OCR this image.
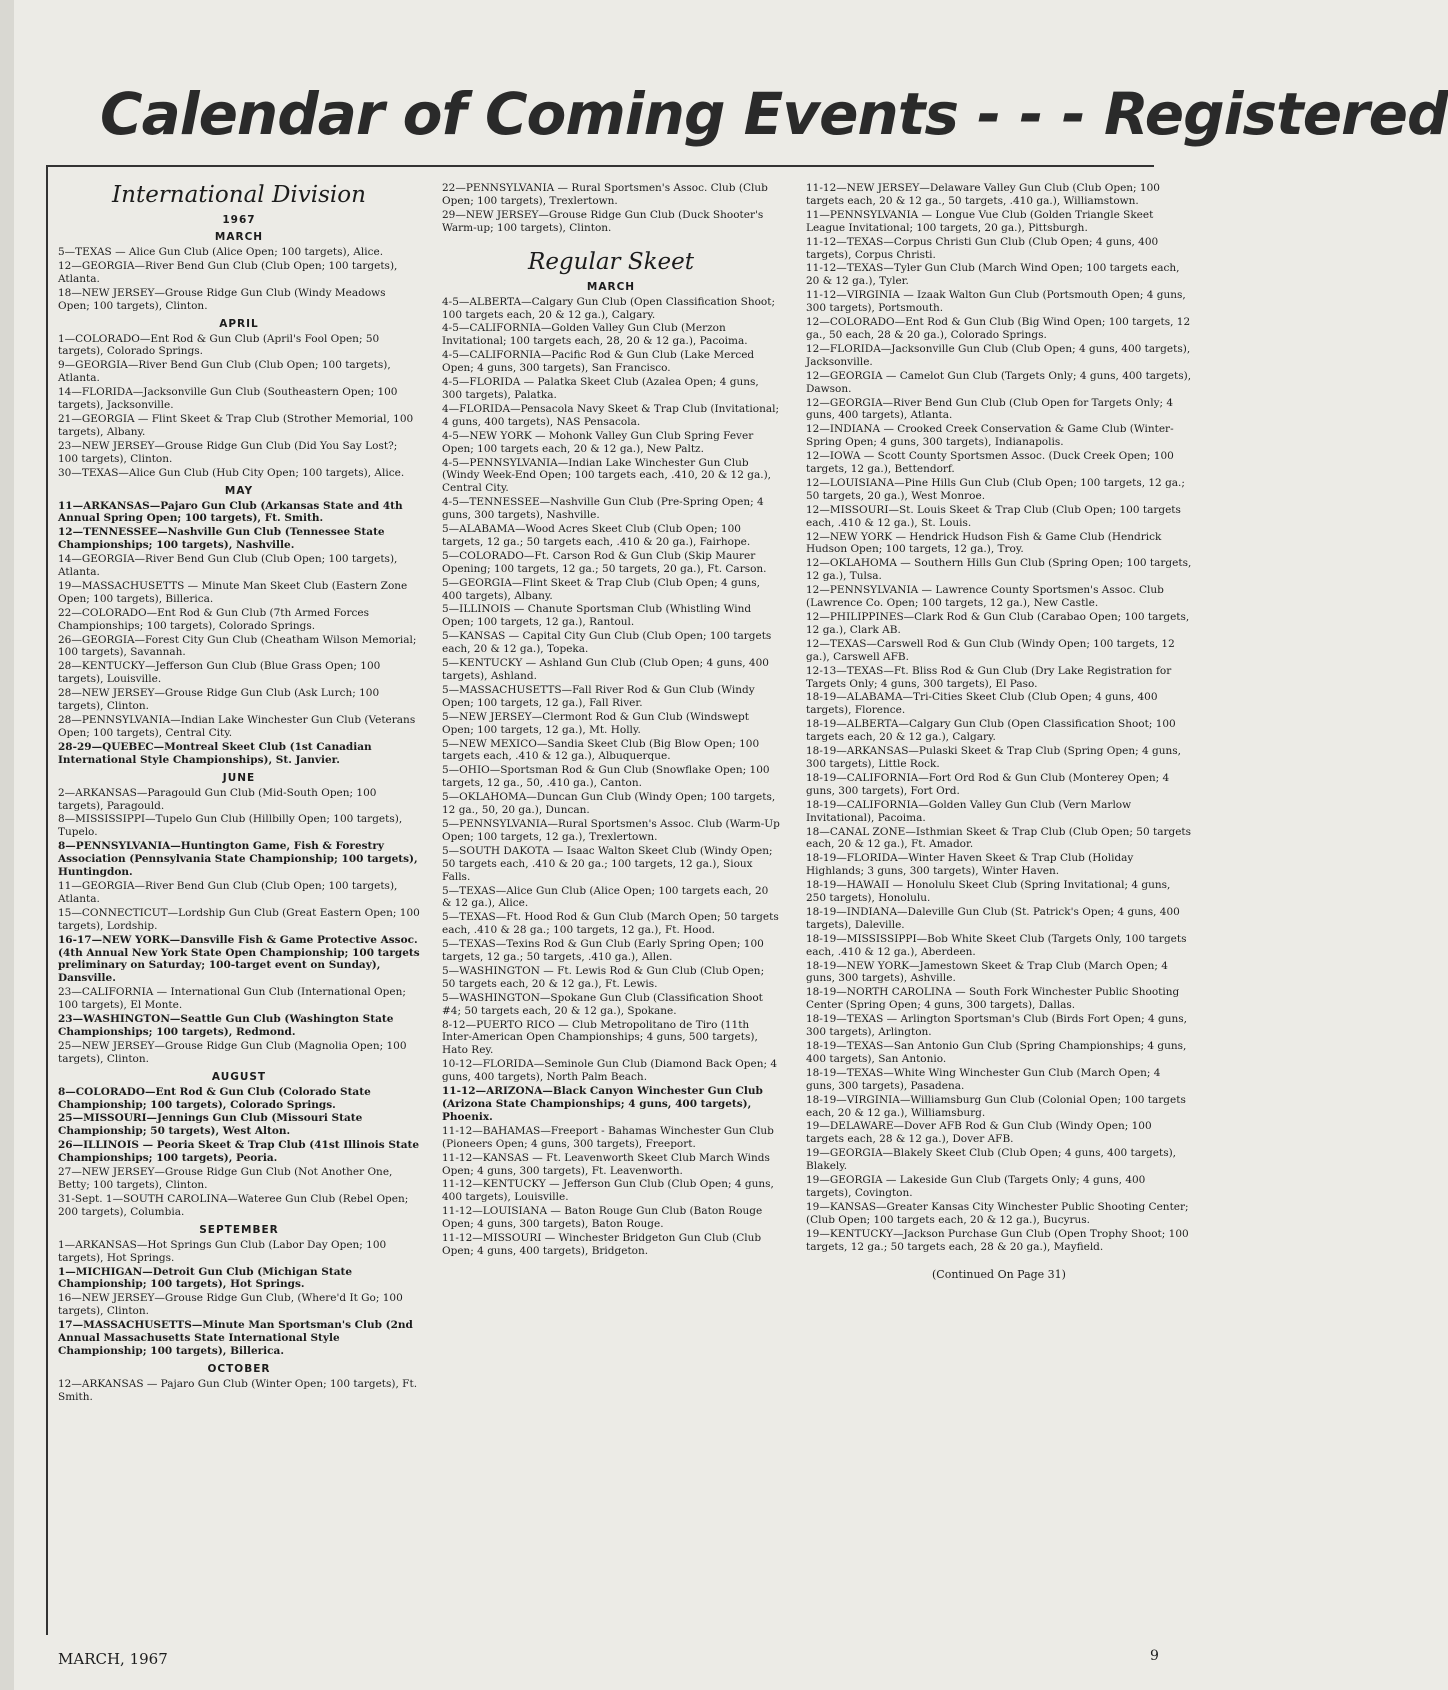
Calendar of Coming Events - - - Registered
International Division
1967
MARCH
5—TEXAS — Alice Gun Club (Alice Open; 100 targets), Alice.
12—GEORGIA—River Bend Gun Club (Club Open; 100 targets), Atlanta.
18—NEW JERSEY—Grouse Ridge Gun Club (Windy Meadows Open; 100 targets), Clinton.
APRIL
1—COLORADO—Ent Rod & Gun Club (April's Fool Open; 50 targets), Colorado Springs.
9—GEORGIA—River Bend Gun Club (Club Open; 100 targets), Atlanta.
14—FLORIDA—Jacksonville Gun Club (Southeastern Open; 100 targets), Jacksonville.
21—GEORGIA — Flint Skeet & Trap Club (Strother Memorial, 100 targets), Albany.
23—NEW JERSEY—Grouse Ridge Gun Club (Did You Say Lost?; 100 targets), Clinton.
30—TEXAS—Alice Gun Club (Hub City Open; 100 targets), Alice.
MAY
11—ARKANSAS—Pajaro Gun Club (Arkansas State and 4th Annual Spring Open; 100 targets), Ft. Smith.
12—TENNESSEE—Nashville Gun Club (Tennessee State Championships; 100 targets), Nashville.
14—GEORGIA—River Bend Gun Club (Club Open; 100 targets), Atlanta.
19—MASSACHUSETTS — Minute Man Skeet Club (Eastern Zone Open; 100 targets), Billerica.
22—COLORADO—Ent Rod & Gun Club (7th Armed Forces Championships; 100 targets), Colorado Springs.
26—GEORGIA—Forest City Gun Club (Cheatham Wilson Memorial; 100 targets), Savannah.
28—KENTUCKY—Jefferson Gun Club (Blue Grass Open; 100 targets), Louisville.
28—NEW JERSEY—Grouse Ridge Gun Club (Ask Lurch; 100 targets), Clinton.
28—PENNSYLVANIA—Indian Lake Winchester Gun Club (Veterans Open; 100 targets), Central City.
28-29—QUEBEC—Montreal Skeet Club (1st Canadian International Style Championships), St. Janvier.
JUNE
2—ARKANSAS—Paragould Gun Club (Mid-South Open; 100 targets), Paragould.
8—MISSISSIPPI—Tupelo Gun Club (Hillbilly Open; 100 targets), Tupelo.
8—PENNSYLVANIA—Huntington Game, Fish & Forestry Association (Pennsylvania State Championship; 100 targets), Huntingdon.
11—GEORGIA—River Bend Gun Club (Club Open; 100 targets), Atlanta.
15—CONNECTICUT—Lordship Gun Club (Great Eastern Open; 100 targets), Lordship.
16-17—NEW YORK—Dansville Fish & Game Protective Assoc. (4th Annual New York State Open Championship; 100 targets preliminary on Saturday; 100-target event on Sunday), Dansville.
23—CALIFORNIA — International Gun Club (International Open; 100 targets), El Monte.
23—WASHINGTON—Seattle Gun Club (Washington State Championships; 100 targets), Redmond.
25—NEW JERSEY—Grouse Ridge Gun Club (Magnolia Open; 100 targets), Clinton.
AUGUST
8—COLORADO—Ent Rod & Gun Club (Colorado State Championship; 100 targets), Colorado Springs.
25—MISSOURI—Jennings Gun Club (Missouri State Championship; 50 targets), West Alton.
26—ILLINOIS — Peoria Skeet & Trap Club (41st Illinois State Championships; 100 targets), Peoria.
27—NEW JERSEY—Grouse Ridge Gun Club (Not Another One, Betty; 100 targets), Clinton.
31-Sept. 1—SOUTH CAROLINA—Wateree Gun Club (Rebel Open; 200 targets), Columbia.
SEPTEMBER
1—ARKANSAS—Hot Springs Gun Club (Labor Day Open; 100 targets), Hot Springs.
1—MICHIGAN—Detroit Gun Club (Michigan State Championship; 100 targets), Hot Springs.
16—NEW JERSEY—Grouse Ridge Gun Club, (Where'd It Go; 100 targets), Clinton.
17—MASSACHUSETTS—Minute Man Sportsman's Club (2nd Annual Massachusetts State International Style Championship; 100 targets), Billerica.
OCTOBER
12—ARKANSAS — Pajaro Gun Club (Winter Open; 100 targets), Ft. Smith.
22—PENNSYLVANIA — Rural Sportsmen's Assoc. Club (Club Open; 100 targets), Trexlertown.
29—NEW JERSEY—Grouse Ridge Gun Club (Duck Shooter's Warm-up; 100 targets), Clinton.
Regular Skeet
MARCH
4-5—ALBERTA—Calgary Gun Club (Open Classification Shoot; 100 targets each, 20 & 12 ga.), Calgary.
4-5—CALIFORNIA—Golden Valley Gun Club (Merzon Invitational; 100 targets each, 28, 20 & 12 ga.), Pacoima.
4-5—CALIFORNIA—Pacific Rod & Gun Club (Lake Merced Open; 4 guns, 300 targets), San Francisco.
4-5—FLORIDA — Palatka Skeet Club (Azalea Open; 4 guns, 300 targets), Palatka.
4—FLORIDA—Pensacola Navy Skeet & Trap Club (Invitational; 4 guns, 400 targets), NAS Pensacola.
4-5—NEW YORK — Mohonk Valley Gun Club Spring Fever Open; 100 targets each, 20 & 12 ga.), New Paltz.
4-5—PENNSYLVANIA—Indian Lake Winchester Gun Club (Windy Week-End Open; 100 targets each, .410, 20 & 12 ga.), Central City.
4-5—TENNESSEE—Nashville Gun Club (Pre-Spring Open; 4 guns, 300 targets), Nashville.
5—ALABAMA—Wood Acres Skeet Club (Club Open; 100 targets, 12 ga.; 50 targets each, .410 & 20 ga.), Fairhope.
5—COLORADO—Ft. Carson Rod & Gun Club (Skip Maurer Opening; 100 targets, 12 ga.; 50 targets, 20 ga.), Ft. Carson.
5—GEORGIA—Flint Skeet & Trap Club (Club Open; 4 guns, 400 targets), Albany.
5—ILLINOIS — Chanute Sportsman Club (Whistling Wind Open; 100 targets, 12 ga.), Rantoul.
5—KANSAS — Capital City Gun Club (Club Open; 100 targets each, 20 & 12 ga.), Topeka.
5—KENTUCKY — Ashland Gun Club (Club Open; 4 guns, 400 targets), Ashland.
5—MASSACHUSETTS—Fall River Rod & Gun Club (Windy Open; 100 targets, 12 ga.), Fall River.
5—NEW JERSEY—Clermont Rod & Gun Club (Windswept Open; 100 targets, 12 ga.), Mt. Holly.
5—NEW MEXICO—Sandia Skeet Club (Big Blow Open; 100 targets each, .410 & 12 ga.), Albuquerque.
5—OHIO—Sportsman Rod & Gun Club (Snowflake Open; 100 targets, 12 ga., 50, .410 ga.), Canton.
5—OKLAHOMA—Duncan Gun Club (Windy Open; 100 targets, 12 ga., 50, 20 ga.), Duncan.
5—PENNSYLVANIA—Rural Sportsmen's Assoc. Club (Warm-Up Open; 100 targets, 12 ga.), Trexlertown.
5—SOUTH DAKOTA — Isaac Walton Skeet Club (Windy Open; 50 targets each, .410 & 20 ga.; 100 targets, 12 ga.), Sioux Falls.
5—TEXAS—Alice Gun Club (Alice Open; 100 targets each, 20 & 12 ga.), Alice.
5—TEXAS—Ft. Hood Rod & Gun Club (March Open; 50 targets each, .410 & 28 ga.; 100 targets, 12 ga.), Ft. Hood.
5—TEXAS—Texins Rod & Gun Club (Early Spring Open; 100 targets, 12 ga.; 50 targets, .410 ga.), Allen.
5—WASHINGTON — Ft. Lewis Rod & Gun Club (Club Open; 50 targets each, 20 & 12 ga.), Ft. Lewis.
5—WASHINGTON—Spokane Gun Club (Classification Shoot #4; 50 targets each, 20 & 12 ga.), Spokane.
8-12—PUERTO RICO — Club Metropolitano de Tiro (11th Inter-American Open Championships; 4 guns, 500 targets), Hato Rey.
10-12—FLORIDA—Seminole Gun Club (Diamond Back Open; 4 guns, 400 targets), North Palm Beach.
11-12—ARIZONA—Black Canyon Winchester Gun Club (Arizona State Championships; 4 guns, 400 targets), Phoenix.
11-12—BAHAMAS—Freeport - Bahamas Winchester Gun Club (Pioneers Open; 4 guns, 300 targets), Freeport.
11-12—KANSAS — Ft. Leavenworth Skeet Club March Winds Open; 4 guns, 300 targets), Ft. Leavenworth.
11-12—KENTUCKY — Jefferson Gun Club (Club Open; 4 guns, 400 targets), Louisville.
11-12—LOUISIANA — Baton Rouge Gun Club (Baton Rouge Open; 4 guns, 300 targets), Baton Rouge.
11-12—MISSOURI — Winchester Bridgeton Gun Club (Club Open; 4 guns, 400 targets), Bridgeton.
11-12—NEW JERSEY—Delaware Valley Gun Club (Club Open; 100 targets each, 20 & 12 ga., 50 targets, .410 ga.), Williamstown.
11—PENNSYLVANIA — Longue Vue Club (Golden Triangle Skeet League Invitational; 100 targets, 20 ga.), Pittsburgh.
11-12—TEXAS—Corpus Christi Gun Club (Club Open; 4 guns, 400 targets), Corpus Christi.
11-12—TEXAS—Tyler Gun Club (March Wind Open; 100 targets each, 20 & 12 ga.), Tyler.
11-12—VIRGINIA — Izaak Walton Gun Club (Portsmouth Open; 4 guns, 300 targets), Portsmouth.
12—COLORADO—Ent Rod & Gun Club (Big Wind Open; 100 targets, 12 ga., 50 each, 28 & 20 ga.), Colorado Springs.
12—FLORIDA—Jacksonville Gun Club (Club Open; 4 guns, 400 targets), Jacksonville.
12—GEORGIA — Camelot Gun Club (Targets Only; 4 guns, 400 targets), Dawson.
12—GEORGIA—River Bend Gun Club (Club Open for Targets Only; 4 guns, 400 targets), Atlanta.
12—INDIANA — Crooked Creek Conservation & Game Club (Winter-Spring Open; 4 guns, 300 targets), Indianapolis.
12—IOWA — Scott County Sportsmen Assoc. (Duck Creek Open; 100 targets, 12 ga.), Bettendorf.
12—LOUISIANA—Pine Hills Gun Club (Club Open; 100 targets, 12 ga.; 50 targets, 20 ga.), West Monroe.
12—MISSOURI—St. Louis Skeet & Trap Club (Club Open; 100 targets each, .410 & 12 ga.), St. Louis.
12—NEW YORK — Hendrick Hudson Fish & Game Club (Hendrick Hudson Open; 100 targets, 12 ga.), Troy.
12—OKLAHOMA — Southern Hills Gun Club (Spring Open; 100 targets, 12 ga.), Tulsa.
12—PENNSYLVANIA — Lawrence County Sportsmen's Assoc. Club (Lawrence Co. Open; 100 targets, 12 ga.), New Castle.
12—PHILIPPINES—Clark Rod & Gun Club (Carabao Open; 100 targets, 12 ga.), Clark AB.
12—TEXAS—Carswell Rod & Gun Club (Windy Open; 100 targets, 12 ga.), Carswell AFB.
12-13—TEXAS—Ft. Bliss Rod & Gun Club (Dry Lake Registration for Targets Only; 4 guns, 300 targets), El Paso.
18-19—ALABAMA—Tri-Cities Skeet Club (Club Open; 4 guns, 400 targets), Florence.
18-19—ALBERTA—Calgary Gun Club (Open Classification Shoot; 100 targets each, 20 & 12 ga.), Calgary.
18-19—ARKANSAS—Pulaski Skeet & Trap Club (Spring Open; 4 guns, 300 targets), Little Rock.
18-19—CALIFORNIA—Fort Ord Rod & Gun Club (Monterey Open; 4 guns, 300 targets), Fort Ord.
18-19—CALIFORNIA—Golden Valley Gun Club (Vern Marlow Invitational), Pacoima.
18—CANAL ZONE—Isthmian Skeet & Trap Club (Club Open; 50 targets each, 20 & 12 ga.), Ft. Amador.
18-19—FLORIDA—Winter Haven Skeet & Trap Club (Holiday Highlands; 3 guns, 300 targets), Winter Haven.
18-19—HAWAII — Honolulu Skeet Club (Spring Invitational; 4 guns, 250 targets), Honolulu.
18-19—INDIANA—Daleville Gun Club (St. Patrick's Open; 4 guns, 400 targets), Daleville.
18-19—MISSISSIPPI—Bob White Skeet Club (Targets Only, 100 targets each, .410 & 12 ga.), Aberdeen.
18-19—NEW YORK—Jamestown Skeet & Trap Club (March Open; 4 guns, 300 targets), Ashville.
18-19—NORTH CAROLINA — South Fork Winchester Public Shooting Center (Spring Open; 4 guns, 300 targets), Dallas.
18-19—TEXAS — Arlington Sportsman's Club (Birds Fort Open; 4 guns, 300 targets), Arlington.
18-19—TEXAS—San Antonio Gun Club (Spring Championships; 4 guns, 400 targets), San Antonio.
18-19—TEXAS—White Wing Winchester Gun Club (March Open; 4 guns, 300 targets), Pasadena.
18-19—VIRGINIA—Williamsburg Gun Club (Colonial Open; 100 targets each, 20 & 12 ga.), Williamsburg.
19—DELAWARE—Dover AFB Rod & Gun Club (Windy Open; 100 targets each, 28 & 12 ga.), Dover AFB.
19—GEORGIA—Blakely Skeet Club (Club Open; 4 guns, 400 targets), Blakely.
19—GEORGIA — Lakeside Gun Club (Targets Only; 4 guns, 400 targets), Covington.
19—KANSAS—Greater Kansas City Winchester Public Shooting Center; (Club Open; 100 targets each, 20 & 12 ga.), Bucyrus.
19—KENTUCKY—Jackson Purchase Gun Club (Open Trophy Shoot; 100 targets, 12 ga.; 50 targets each, 28 & 20 ga.), Mayfield.
(Continued On Page 31)
MARCH, 1967	9
